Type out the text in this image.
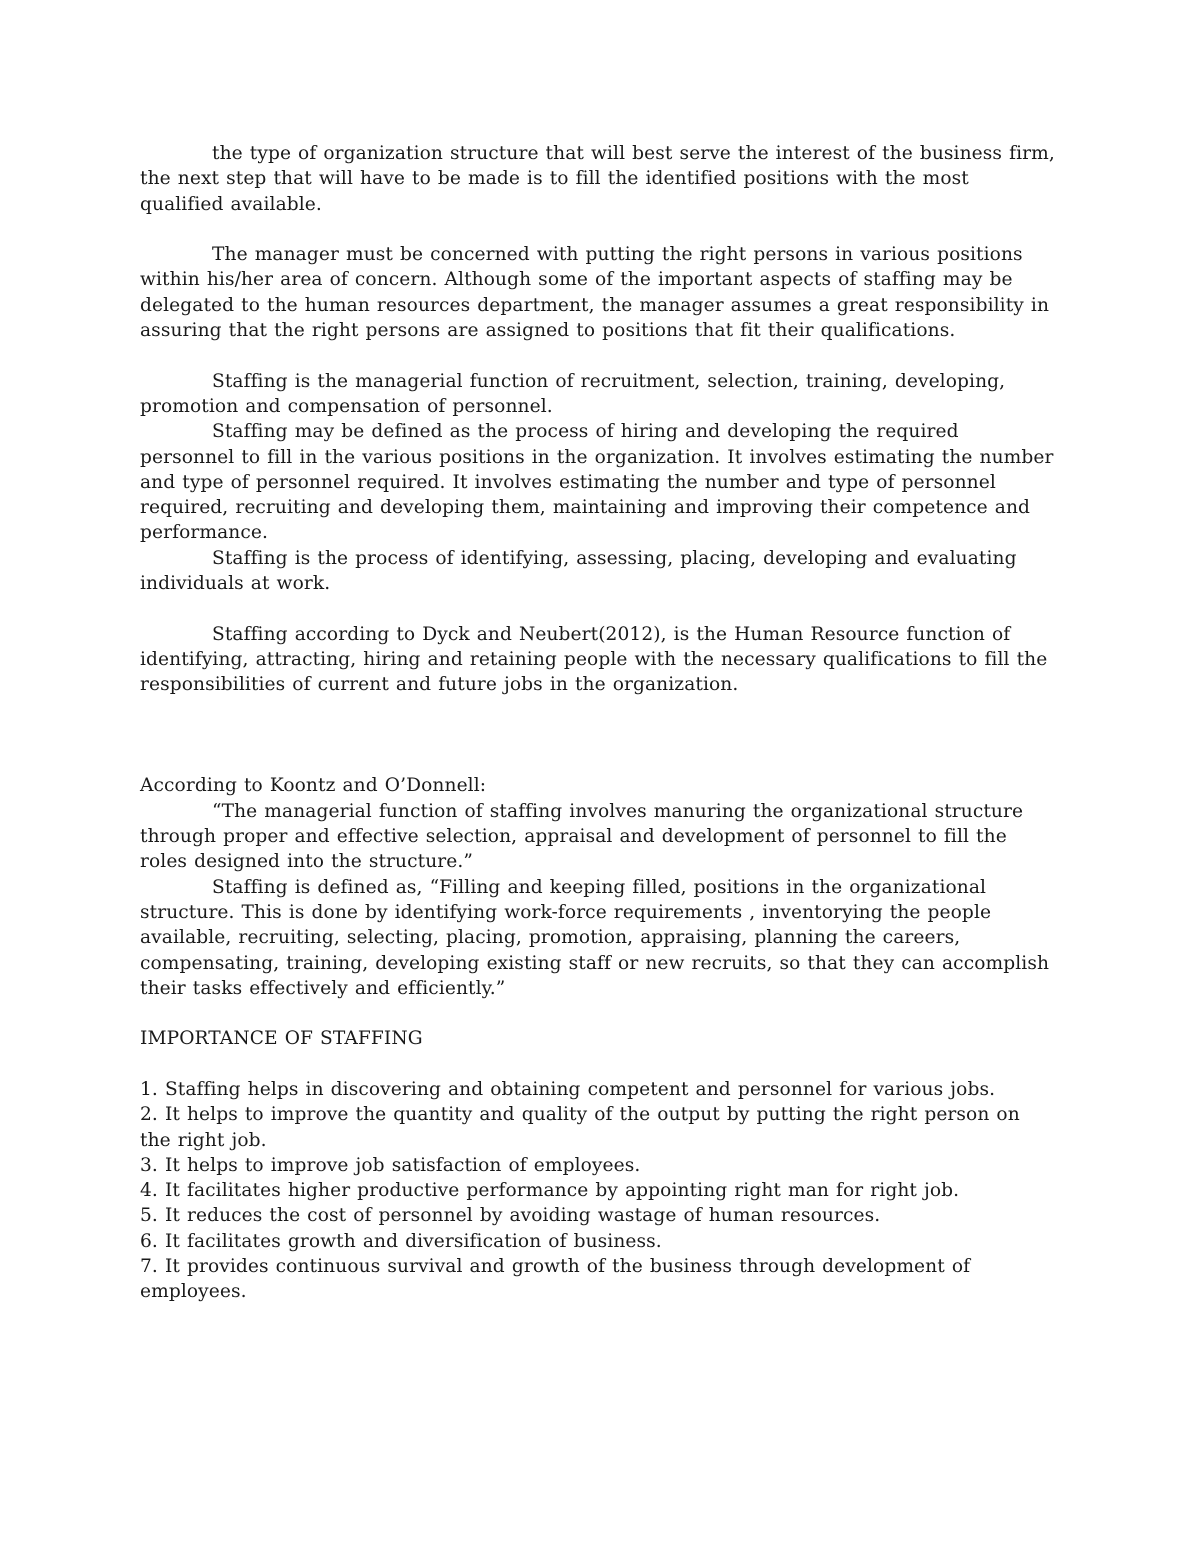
the type of organization structure that will best serve the interest of the business firm, the next step that will have to be made is to fill the identified positions with the most qualified available.

The manager must be concerned with putting the right persons in various positions within his/her area of concern. Although some of the important aspects of staffing may be delegated to the human resources department, the manager assumes a great responsibility in assuring that the right persons are assigned to positions that fit their qualifications.

Staffing is the managerial function of recruitment, selection, training, developing, promotion and compensation of personnel.

Staffing may be defined as the process of hiring and developing the required personnel to fill in the various positions in the organization. It involves estimating the number and type of personnel required. It involves estimating the number and type of personnel required, recruiting and developing them, maintaining and improving their competence and performance.

Staffing is the process of identifying, assessing, placing, developing and evaluating individuals at work.

Staffing according to Dyck and Neubert(2012), is the Human Resource function of identifying, attracting, hiring and retaining people with the necessary qualifications to fill the responsibilities of current and future jobs in the organization.

According to Koontz and O’Donnell:

“The managerial function of staffing involves manuring the organizational structure through proper and effective selection, appraisal and development of personnel to fill the roles designed into the structure.”

Staffing is defined as, “Filling and keeping filled, positions in the organizational structure. This is done by identifying work-force requirements , inventorying the people

available, recruiting, selecting, placing, promotion, appraising, planning the careers, compensating, training, developing existing staff or new recruits, so that they can accomplish their tasks effectively and efficiently.”

IMPORTANCE OF STAFFING

1. Staffing helps in discovering and obtaining competent and personnel for various jobs.

2. It helps to improve the quantity and quality of the output by putting the right person on the right job.

3. It helps to improve job satisfaction of employees.

4. It facilitates higher productive performance by appointing right man for right job.

5. It reduces the cost of personnel by avoiding wastage of human resources.

6. It facilitates growth and diversification of business.

7. It provides continuous survival and growth of the business through development of employees.
